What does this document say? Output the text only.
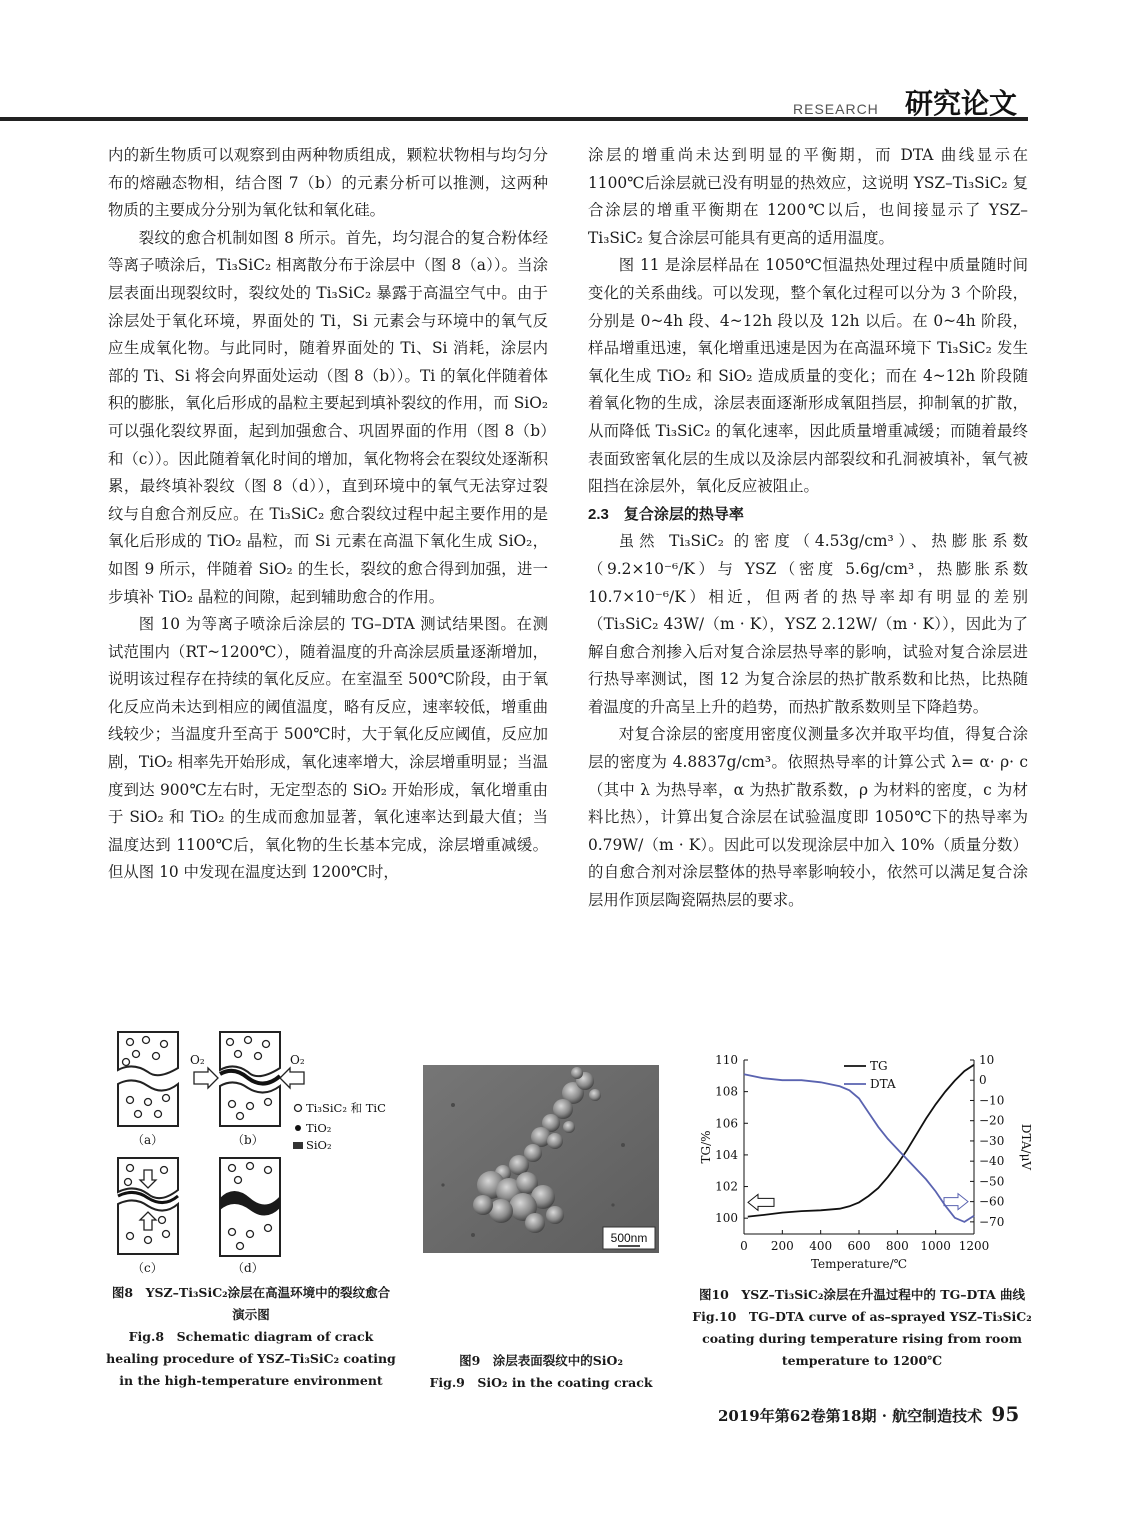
RESEARCH 研究论文

内的新生物质可以观察到由两种物质组成，颗粒状物相与均匀分布的熔融态物相，结合图 7（b）的元素分析可以推测，这两种物质的主要成分分别为氧化钛和氧化硅。

裂纹的愈合机制如图 8 所示。首先，均匀混合的复合粉体经等离子喷涂后，Ti₃SiC₂ 相离散分布于涂层中（图 8（a））。当涂层表面出现裂纹时，裂纹处的 Ti₃SiC₂ 暴露于高温空气中。由于涂层处于氧化环境，界面处的 Ti，Si 元素会与环境中的氧气反应生成氧化物。与此同时，随着界面处的 Ti、Si 消耗，涂层内部的 Ti、Si 将会向界面处运动（图 8（b））。Ti 的氧化伴随着体积的膨胀，氧化后形成的晶粒主要起到填补裂纹的作用，而 SiO₂ 可以强化裂纹界面，起到加强愈合、巩固界面的作用（图 8（b）和（c））。因此随着氧化时间的增加，氧化物将会在裂纹处逐渐积累，最终填补裂纹（图 8（d）），直到环境中的氧气无法穿过裂纹与自愈合剂反应。在 Ti₃SiC₂ 愈合裂纹过程中起主要作用的是氧化后形成的 TiO₂ 晶粒，而 Si 元素在高温下氧化生成 SiO₂，如图 9 所示，伴随着 SiO₂ 的生长，裂纹的愈合得到加强，进一步填补 TiO₂ 晶粒的间隙，起到辅助愈合的作用。

图 10 为等离子喷涂后涂层的 TG–DTA 测试结果图。在测试范围内（RT~1200℃），随着温度的升高涂层质量逐渐增加，说明该过程存在持续的氧化反应。在室温至 500℃阶段，由于氧化反应尚未达到相应的阈值温度，略有反应，速率较低，增重曲线较少；当温度升至高于 500℃时，大于氧化反应阈值，反应加剧，TiO₂ 相率先开始形成，氧化速率增大，涂层增重明显；当温度到达 900℃左右时，无定型态的 SiO₂ 开始形成，氧化增重由于 SiO₂ 和 TiO₂ 的生成而愈加显著，氧化速率达到最大值；当温度达到 1100℃后，氧化物的生长基本完成，涂层增重减缓。但从图 10 中发现在温度达到 1200℃时，

涂层的增重尚未达到明显的平衡期，而 DTA 曲线显示在 1100℃后涂层就已没有明显的热效应，这说明 YSZ–Ti₃SiC₂ 复合涂层的增重平衡期在 1200℃以后，也间接显示了 YSZ–Ti₃SiC₂ 复合涂层可能具有更高的适用温度。

图 11 是涂层样品在 1050℃恒温热处理过程中质量随时间变化的关系曲线。可以发现，整个氧化过程可以分为 3 个阶段，分别是 0~4h 段、4~12h 段以及 12h 以后。在 0~4h 阶段，样品增重迅速，氧化增重迅速是因为在高温环境下 Ti₃SiC₂ 发生氧化生成 TiO₂ 和 SiO₂ 造成质量的变化；而在 4~12h 阶段随着氧化物的生成，涂层表面逐渐形成氧阻挡层，抑制氧的扩散，从而降低 Ti₃SiC₂ 的氧化速率，因此质量增重减缓；而随着最终表面致密氧化层的生成以及涂层内部裂纹和孔洞被填补，氧气被阻挡在涂层外，氧化反应被阻止。

2.3　复合涂层的热导率

虽然 Ti₃SiC₂ 的密度（4.53g/cm³）、热膨胀系数（9.2×10⁻⁶/K）与 YSZ（密度 5.6g/cm³，热膨胀系数 10.7×10⁻⁶/K）相近，但两者的热导率却有明显的差别（Ti₃SiC₂ 43W/（m · K），YSZ 2.12W/（m · K）），因此为了解自愈合剂掺入后对复合涂层热导率的影响，试验对复合涂层进行热导率测试，图 12 为复合涂层的热扩散系数和比热，比热随着温度的升高呈上升的趋势，而热扩散系数则呈下降趋势。

对复合涂层的密度用密度仪测量多次并取平均值，得复合涂层的密度为 4.8837g/cm³。依照热导率的计算公式 λ= α· ρ· c（其中 λ 为热导率，α 为热扩散系数，ρ 为材料的密度，c 为材料比热），计算出复合涂层在试验温度即 1050℃下的热导率为 0.79W/（m · K）。因此可以发现涂层中加入 10%（质量分数）的自愈合剂对涂层整体的热导率影响较小，依然可以满足复合涂层用作顶层陶瓷隔热层的要求。

O₂
（a）
O₂
（b）
Ti₃SiC₂ 和 TiC
TiO₂
SiO₂
（c）	（d）
图8　YSZ–Ti₃SiC₂涂层在高温环境中的裂纹愈合演示图
Fig.8　Schematic diagram of crack healing procedure of YSZ–Ti₃SiC₂ coating in the high-temperature environment
500nm
图9　涂层表面裂纹中的SiO₂
Fig.9　SiO₂ in the coating crack
0 200 400 600 800 1000 1200
100
102
104
106
108
110	10
0
−10
−20
−30
−40
−50
−60
−70
Temperature/℃
TG/%	DTA/μV
TG
DTA
图10　YSZ–Ti₃SiC₂涂层在升温过程中的 TG–DTA 曲线
Fig.10　TG–DTA curve of as–sprayed YSZ–Ti₃SiC₂ coating during temperature rising from room temperature to 1200℃
2019年第62卷第18期 · 航空制造技术 95
